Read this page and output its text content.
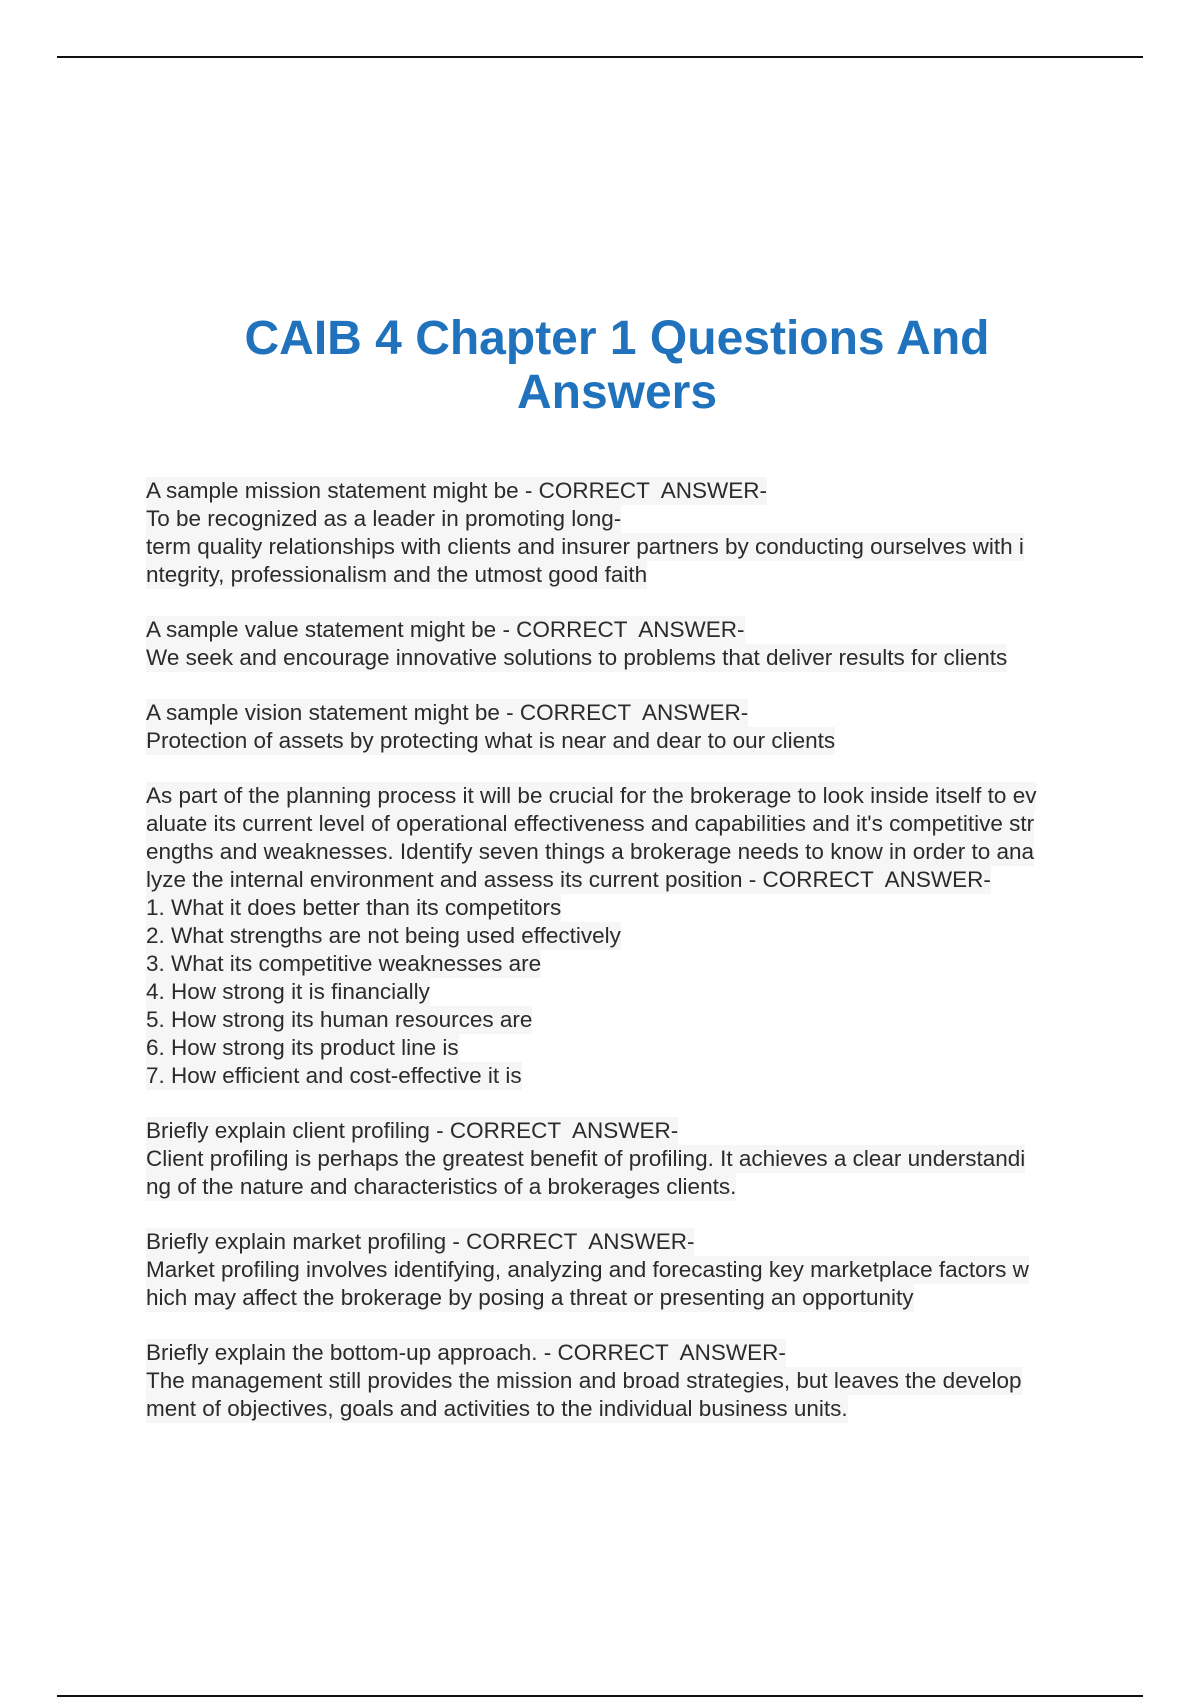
CAIB 4 Chapter 1 Questions And
Answers
A sample mission statement might be - CORRECT  ANSWER-
To be recognized as a leader in promoting long-
term quality relationships with clients and insurer partners by conducting ourselves with i
ntegrity, professionalism and the utmost good faith
A sample value statement might be - CORRECT  ANSWER-
We seek and encourage innovative solutions to problems that deliver results for clients
A sample vision statement might be - CORRECT  ANSWER-
Protection of assets by protecting what is near and dear to our clients
As part of the planning process it will be crucial for the brokerage to look inside itself to ev
aluate its current level of operational effectiveness and capabilities and it's competitive str
engths and weaknesses. Identify seven things a brokerage needs to know in order to ana
lyze the internal environment and assess its current position - CORRECT  ANSWER-
1. What it does better than its competitors
2. What strengths are not being used effectively
3. What its competitive weaknesses are
4. How strong it is financially
5. How strong its human resources are
6. How strong its product line is
7. How efficient and cost-effective it is
Briefly explain client profiling - CORRECT  ANSWER-
Client profiling is perhaps the greatest benefit of profiling. It achieves a clear understandi
ng of the nature and characteristics of a brokerages clients.
Briefly explain market profiling - CORRECT  ANSWER-
Market profiling involves identifying, analyzing and forecasting key marketplace factors w
hich may affect the brokerage by posing a threat or presenting an opportunity
Briefly explain the bottom-up approach. - CORRECT  ANSWER-
The management still provides the mission and broad strategies, but leaves the develop
ment of objectives, goals and activities to the individual business units.
